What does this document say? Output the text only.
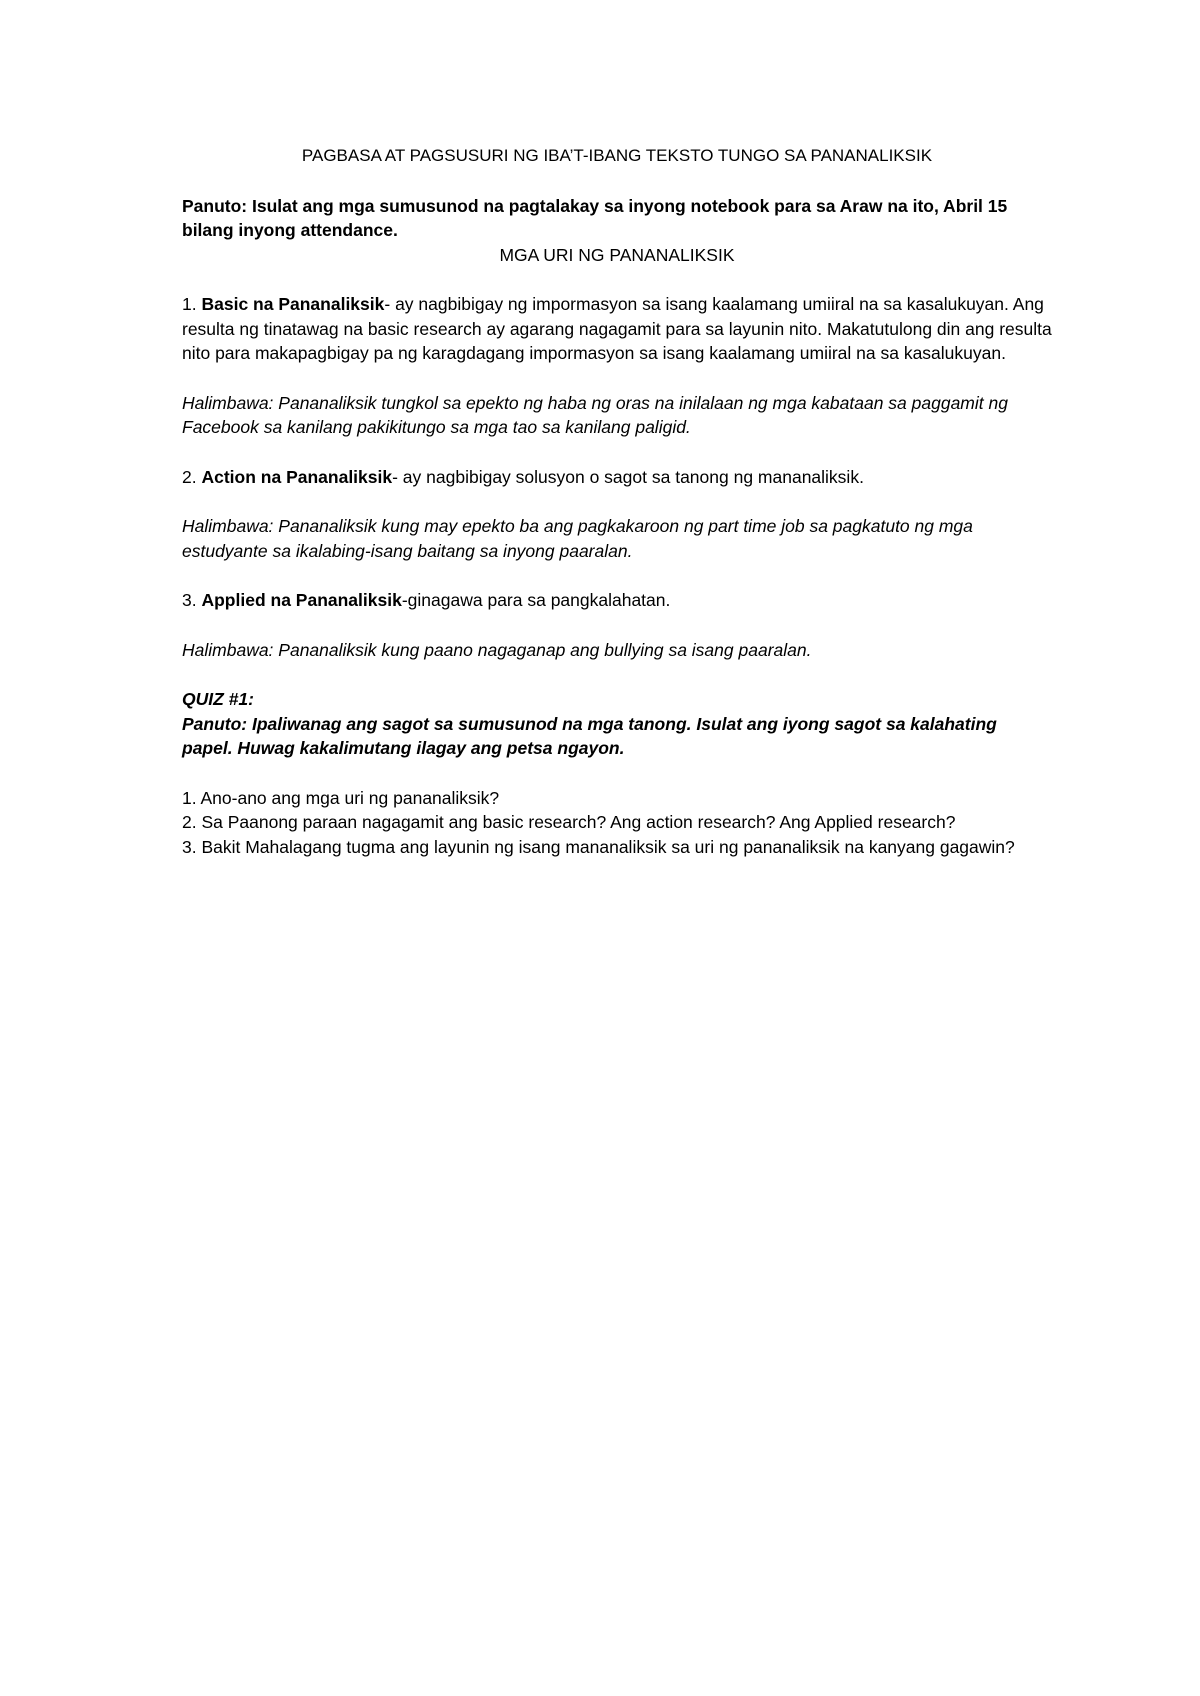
PAGBASA AT PAGSUSURI NG IBA’T-IBANG TEKSTO TUNGO SA PANANALIKSIK

Panuto: Isulat ang mga sumusunod na pagtalakay sa inyong notebook para sa Araw na ito, Abril 15 bilang inyong attendance.

MGA URI NG PANANALIKSIK

1. Basic na Pananaliksik- ay nagbibigay ng impormasyon sa isang kaalamang umiiral na sa kasalukuyan. Ang resulta ng tinatawag na basic research ay agarang nagagamit para sa layunin nito. Makatutulong din ang resulta nito para makapagbigay pa ng karagdagang impormasyon sa isang kaalamang umiiral na sa kasalukuyan.

Halimbawa: Pananaliksik tungkol sa epekto ng haba ng oras na inilalaan ng mga kabataan sa paggamit ng Facebook sa kanilang pakikitungo sa mga tao sa kanilang paligid.

2. Action na Pananaliksik- ay nagbibigay solusyon o sagot sa tanong ng mananaliksik.

Halimbawa: Pananaliksik kung may epekto ba ang pagkakaroon ng part time job sa pagkatuto ng mga estudyante sa ikalabing-isang baitang sa inyong paaralan.

3. Applied na Pananaliksik-ginagawa para sa pangkalahatan.

Halimbawa: Pananaliksik kung paano nagaganap ang bullying sa isang paaralan.

QUIZ #1:

Panuto: Ipaliwanag ang sagot sa sumusunod na mga tanong. Isulat ang iyong sagot sa kalahating papel. Huwag kakalimutang ilagay ang petsa ngayon.

1. Ano-ano ang mga uri ng pananaliksik?

2. Sa Paanong paraan nagagamit ang basic research? Ang action research? Ang Applied research?

3. Bakit Mahalagang tugma ang layunin ng isang mananaliksik sa uri ng pananaliksik na kanyang gagawin?
